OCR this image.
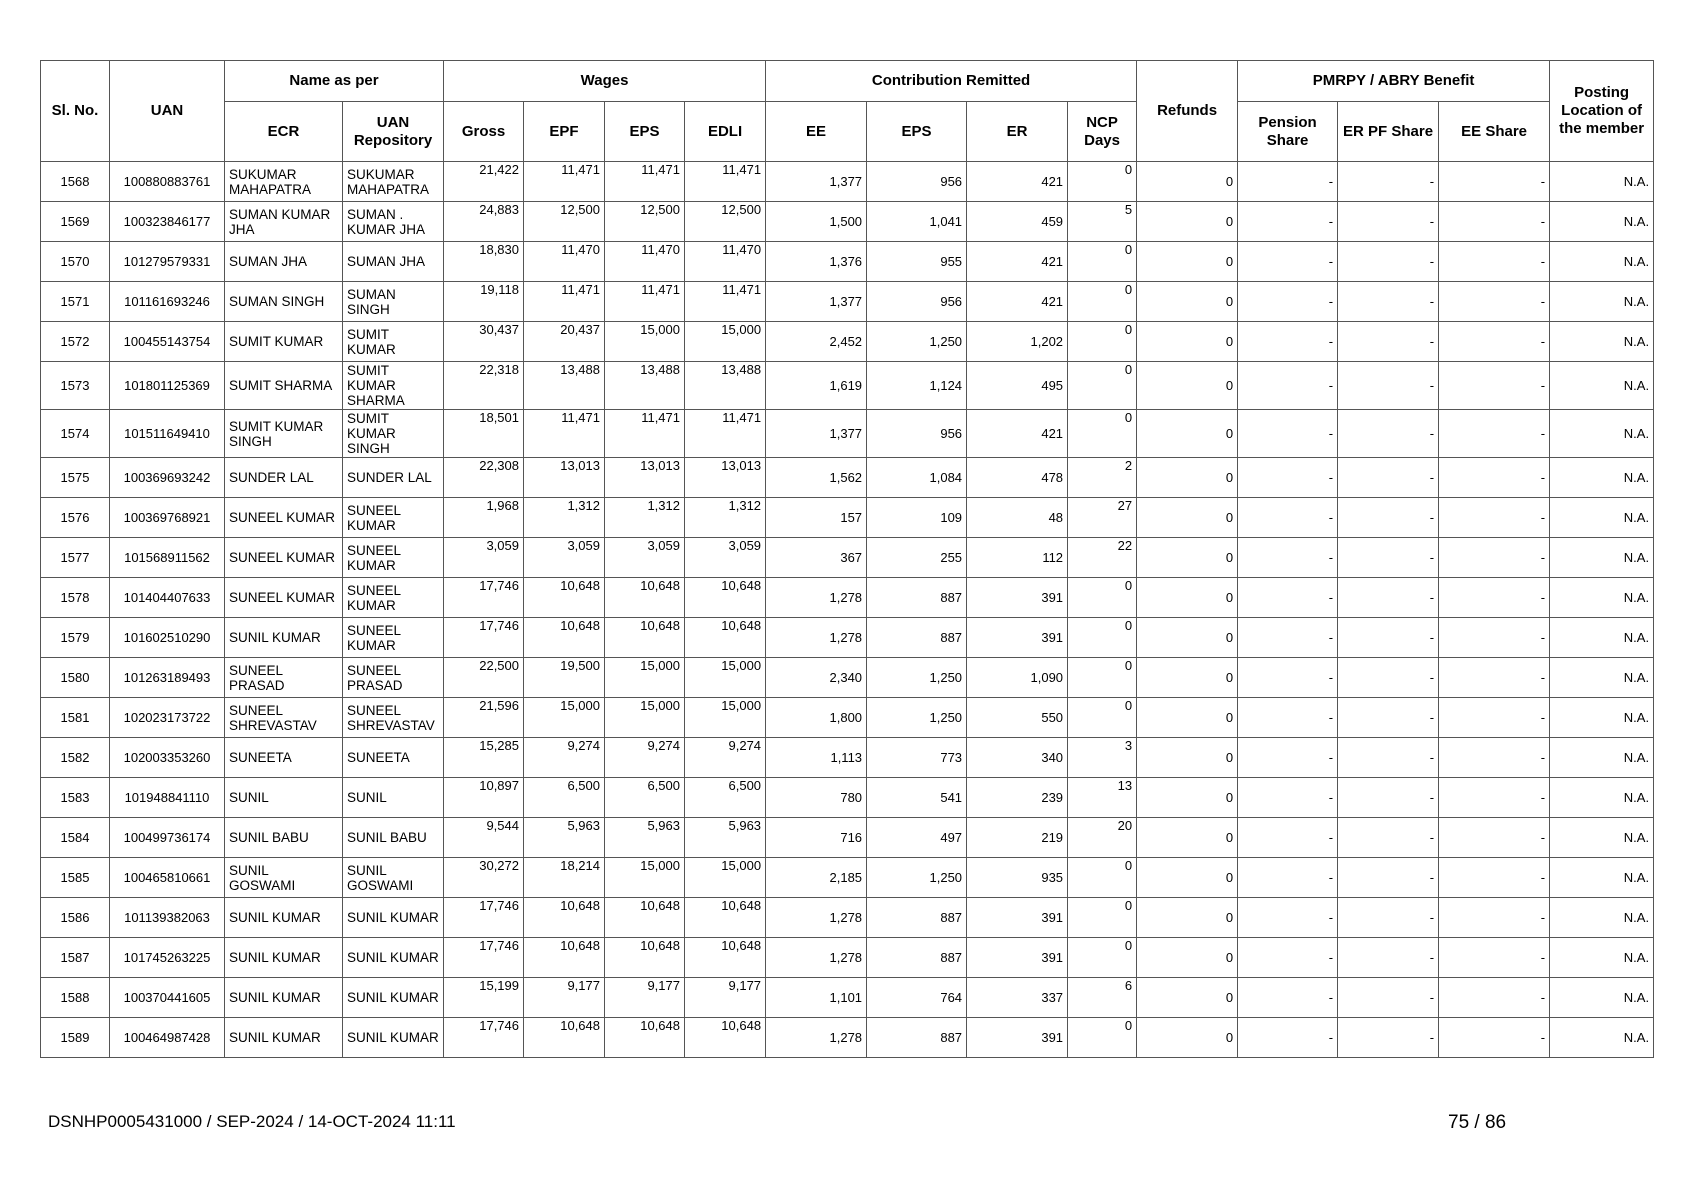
Sl. No.	UAN	Name as per		Wages				Contribution Remitted				Refunds	PMRPY / ABRY Benefit			Posting Location of the member
		ECR	UAN Repository	Gross	EPF	EPS	EDLI	EE	EPS	ER	NCP Days		Pension Share	ER PF Share	EE Share	
1568	100880883761	SUKUMAR MAHAPATRA	SUKUMAR MAHAPATRA	21,422	11,471	11,471	11,471	1,377	956	421	0	0	-	-	-	N.A.
1569	100323846177	SUMAN KUMAR JHA	SUMAN . KUMAR JHA	24,883	12,500	12,500	12,500	1,500	1,041	459	5	0	-	-	-	N.A.
1570	101279579331	SUMAN JHA	SUMAN JHA	18,830	11,470	11,470	11,470	1,376	955	421	0	0	-	-	-	N.A.
1571	101161693246	SUMAN SINGH	SUMAN SINGH	19,118	11,471	11,471	11,471	1,377	956	421	0	0	-	-	-	N.A.
1572	100455143754	SUMIT KUMAR	SUMIT KUMAR	30,437	20,437	15,000	15,000	2,452	1,250	1,202	0	0	-	-	-	N.A.
1573	101801125369	SUMIT SHARMA	SUMIT KUMAR SHARMA	22,318	13,488	13,488	13,488	1,619	1,124	495	0	0	-	-	-	N.A.
1574	101511649410	SUMIT KUMAR SINGH	SUMIT KUMAR SINGH	18,501	11,471	11,471	11,471	1,377	956	421	0	0	-	-	-	N.A.
1575	100369693242	SUNDER LAL	SUNDER LAL	22,308	13,013	13,013	13,013	1,562	1,084	478	2	0	-	-	-	N.A.
1576	100369768921	SUNEEL KUMAR	SUNEEL KUMAR	1,968	1,312	1,312	1,312	157	109	48	27	0	-	-	-	N.A.
1577	101568911562	SUNEEL KUMAR	SUNEEL KUMAR	3,059	3,059	3,059	3,059	367	255	112	22	0	-	-	-	N.A.
1578	101404407633	SUNEEL KUMAR	SUNEEL KUMAR	17,746	10,648	10,648	10,648	1,278	887	391	0	0	-	-	-	N.A.
1579	101602510290	SUNIL KUMAR	SUNEEL KUMAR	17,746	10,648	10,648	10,648	1,278	887	391	0	0	-	-	-	N.A.
1580	101263189493	SUNEEL PRASAD	SUNEEL PRASAD	22,500	19,500	15,000	15,000	2,340	1,250	1,090	0	0	-	-	-	N.A.
1581	102023173722	SUNEEL SHREVASTAV	SUNEEL SHREVASTAV	21,596	15,000	15,000	15,000	1,800	1,250	550	0	0	-	-	-	N.A.
1582	102003353260	SUNEETA	SUNEETA	15,285	9,274	9,274	9,274	1,113	773	340	3	0	-	-	-	N.A.
1583	101948841110	SUNIL	SUNIL	10,897	6,500	6,500	6,500	780	541	239	13	0	-	-	-	N.A.
1584	100499736174	SUNIL BABU	SUNIL BABU	9,544	5,963	5,963	5,963	716	497	219	20	0	-	-	-	N.A.
1585	100465810661	SUNIL GOSWAMI	SUNIL GOSWAMI	30,272	18,214	15,000	15,000	2,185	1,250	935	0	0	-	-	-	N.A.
1586	101139382063	SUNIL KUMAR	SUNIL KUMAR	17,746	10,648	10,648	10,648	1,278	887	391	0	0	-	-	-	N.A.
1587	101745263225	SUNIL KUMAR	SUNIL KUMAR	17,746	10,648	10,648	10,648	1,278	887	391	0	0	-	-	-	N.A.
1588	100370441605	SUNIL KUMAR	SUNIL KUMAR	15,199	9,177	9,177	9,177	1,101	764	337	6	0	-	-	-	N.A.
1589	100464987428	SUNIL KUMAR	SUNIL KUMAR	17,746	10,648	10,648	10,648	1,278	887	391	0	0	-	-	-	N.A.
DSNHP0005431000 / SEP-2024 / 14-OCT-2024 11:11	75 / 86
